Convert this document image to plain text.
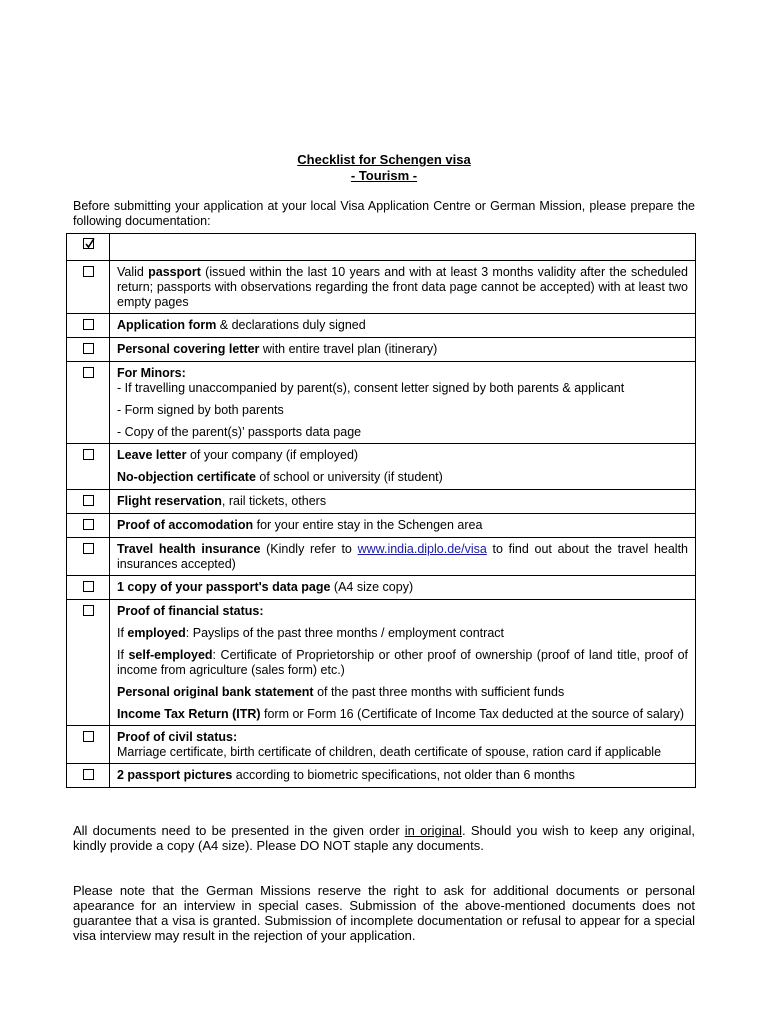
Checklist for Schengen visa
- Tourism -
Before submitting your application at your local Visa Application Centre or German Mission, please prepare the following documentation:

	Valid passport (issued within the last 10 years and with at least 3 months validity after the scheduled return; passports with observations regarding the front data page cannot be accepted) with at least two empty pages
	Application form & declarations duly signed
	Personal covering letter with entire travel plan (itinerary)

	For Minors:

- If travelling unaccompanied by parent(s), consent letter signed by both parents & applicant

- Form signed by both parents

- Copy of the parent(s)’ passports data page

	Leave letter of your company (if employed)

No-objection certificate of school or university (if student)

	Flight reservation, rail tickets, others
	Proof of accomodation for your entire stay in the Schengen area
	Travel health insurance (Kindly refer to www.india.diplo.de/visa to find out about the travel health insurances accepted)
	1 copy of your passport's data page (A4 size copy)

	Proof of financial status:

If employed: Payslips of the past three months / employment contract

If self-employed: Certificate of Proprietorship or other proof of ownership (proof of land title, proof of income from agriculture (sales form) etc.)

Personal original bank statement of the past three months with sufficient funds

Income Tax Return (ITR) form or Form 16 (Certificate of Income Tax deducted at the source of salary)

	Proof of civil status:

Marriage certificate, birth certificate of children, death certificate of spouse, ration card if applicable

	2 passport pictures according to biometric specifications, not older than 6 months
All documents need to be presented in the given order in original. Should you wish to keep any original, kindly provide a copy (A4 size). Please DO NOT staple any documents.
Please note that the German Missions reserve the right to ask for additional documents or personal apearance for an interview in special cases. Submission of the above-mentioned documents does not guarantee that a visa is granted. Submission of incomplete documentation or refusal to appear for a special visa interview may result in the rejection of your application.
